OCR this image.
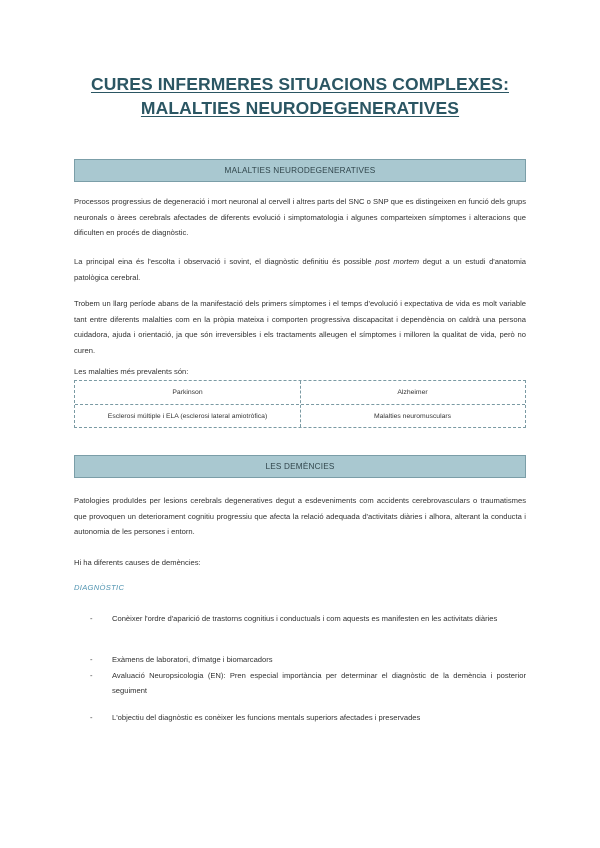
CURES INFERMERES SITUACIONS COMPLEXES: MALALTIES NEURODEGENERATIVES
MALALTIES NEURODEGENERATIVES

Processos progressius de degeneració i mort neuronal al cervell i altres parts del SNC o SNP que es distingeixen en funció dels grups neuronals o àrees cerebrals afectades de diferents evolució i simptomatologia i algunes comparteixen símptomes i alteracions que dificulten en procés de diagnòstic.

La principal eina és l'escolta i observació i sovint, el diagnòstic definitiu és possible post mortem degut a un estudi d'anatomia patològica cerebral.

Trobem un llarg període abans de la manifestació dels primers símptomes i el temps d'evolució i expectativa de vida es molt variable tant entre diferents malalties com en la pròpia mateixa i comporten progressiva discapacitat i dependència on caldrà una persona cuidadora, ajuda i orientació, ja que són irreversibles i els tractaments alleugen el símptomes i milloren la qualitat de vida, però no curen.

Les malalties més prevalents són:

Parkinson	Alzheimer
Esclerosi múltiple i ELA (esclerosi lateral amiotròfica)	Malalties neuromusculars
LES DEMÈNCIES

Patologies produïdes per lesions cerebrals degeneratives degut a esdeveniments com accidents cerebrovasculars o traumatismes que provoquen un deteriorament cognitiu progressiu que afecta la relació adequada d'activitats diàries i alhora, alterant la conducta i autonomia de les persones i entorn.

Hi ha diferents causes de demències:

DIAGNÒSTIC
-	Conèixer l'ordre d'aparició de trastorns cognitius i conductuals i com aquests es manifesten en les activitats diàries
-	Exàmens de laboratori, d'imatge i biomarcadors
-	Avaluació Neuropsicologia (EN): Pren especial importància per determinar el diagnòstic de la demència i posterior seguiment
-	L'objectiu del diagnòstic es conèixer les funcions mentals superiors afectades i preservades
